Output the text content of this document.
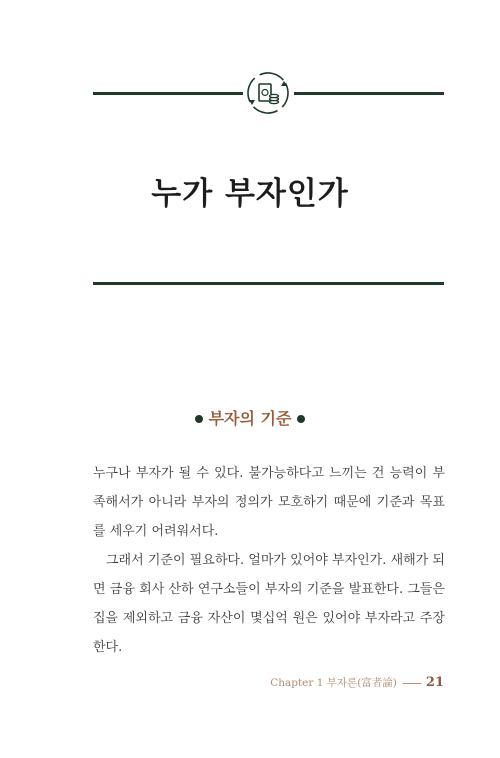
누가 부자인가
부자의 기준

누구나 부자가 될 수 있다. 불가능하다고 느끼는 건 능력이 부족해서가 아니라 부자의 정의가 모호하기 때문에 기준과 목표를 세우기 어려워서다.

그래서 기준이 필요하다. 얼마가 있어야 부자인가. 새해가 되면 금융 회사 산하 연구소들이 부자의 기준을 발표한다. 그들은 집을 제외하고 금융 자산이 몇십억 원은 있어야 부자라고 주장한다.

Chapter 1 부자론(富者論) 21
